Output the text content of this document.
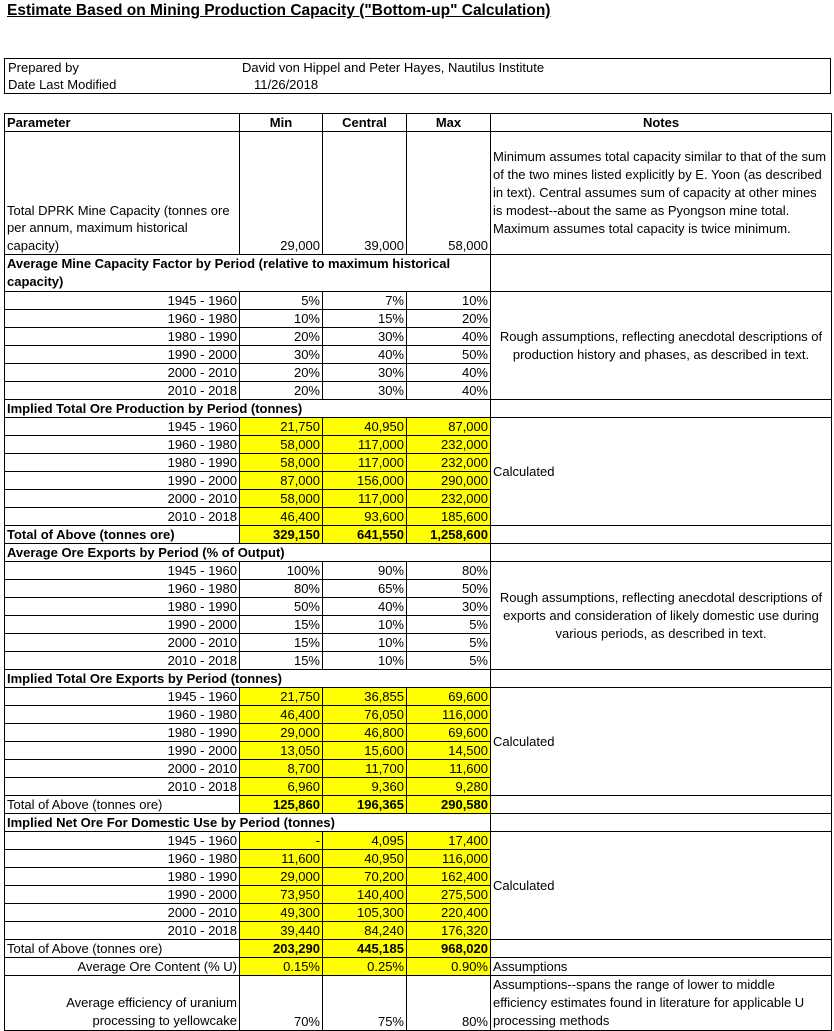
Estimate Based on Mining Production Capacity ("Bottom-up" Calculation)
Prepared by	David von Hippel and Peter Hayes, Nautilus Institute
Date Last Modified	11/26/2018
Parameter	Min	Central	Max	Notes
Total DPRK Mine Capacity (tonnes ore per annum, maximum historical capacity)	29,000	39,000	58,000	Minimum assumes total capacity similar to that of the sum of the two mines listed explicitly by E. Yoon (as described in text). Central assumes sum of capacity at other mines is modest--about the same as Pyongson mine total. Maximum assumes total capacity is twice minimum.
Average Mine Capacity Factor by Period (relative to maximum historical capacity)				
1945 - 1960	5%	7%	10%	Rough assumptions, reflecting anecdotal descriptions of production history and phases, as described in text.
1960 - 1980	10%	15%	20%	
1980 - 1990	20%	30%	40%	
1990 - 2000	30%	40%	50%	
2000 - 2010	20%	30%	40%	
2010 - 2018	20%	30%	40%	
Implied Total Ore Production by Period (tonnes)				
1945 - 1960	21,750	40,950	87,000	Calculated
1960 - 1980	58,000	117,000	232,000	
1980 - 1990	58,000	117,000	232,000	
1990 - 2000	87,000	156,000	290,000	
2000 - 2010	58,000	117,000	232,000	
2010 - 2018	46,400	93,600	185,600	
Total of Above (tonnes ore)	329,150	641,550	1,258,600	
Average Ore Exports by Period (% of Output)				
1945 - 1960	100%	90%	80%	Rough assumptions, reflecting anecdotal descriptions of exports and consideration of likely domestic use during various periods, as described in text.
1960 - 1980	80%	65%	50%	
1980 - 1990	50%	40%	30%	
1990 - 2000	15%	10%	5%	
2000 - 2010	15%	10%	5%	
2010 - 2018	15%	10%	5%	
Implied Total Ore Exports by Period (tonnes)				
1945 - 1960	21,750	36,855	69,600	Calculated
1960 - 1980	46,400	76,050	116,000	
1980 - 1990	29,000	46,800	69,600	
1990 - 2000	13,050	15,600	14,500	
2000 - 2010	8,700	11,700	11,600	
2010 - 2018	6,960	9,360	9,280	
Total of Above (tonnes ore)	125,860	196,365	290,580	
Implied Net Ore For Domestic Use by Period (tonnes)				
1945 - 1960	-	4,095	17,400	Calculated
1960 - 1980	11,600	40,950	116,000	
1980 - 1990	29,000	70,200	162,400	
1990 - 2000	73,950	140,400	275,500	
2000 - 2010	49,300	105,300	220,400	
2010 - 2018	39,440	84,240	176,320	
Total of Above (tonnes ore)	203,290	445,185	968,020	
Average Ore Content (% U)	0.15%	0.25%	0.90%	Assumptions
Average efficiency of uranium processing to yellowcake	70%	75%	80%	Assumptions--spans the range of lower to middle efficiency estimates found in literature for applicable U processing methods
